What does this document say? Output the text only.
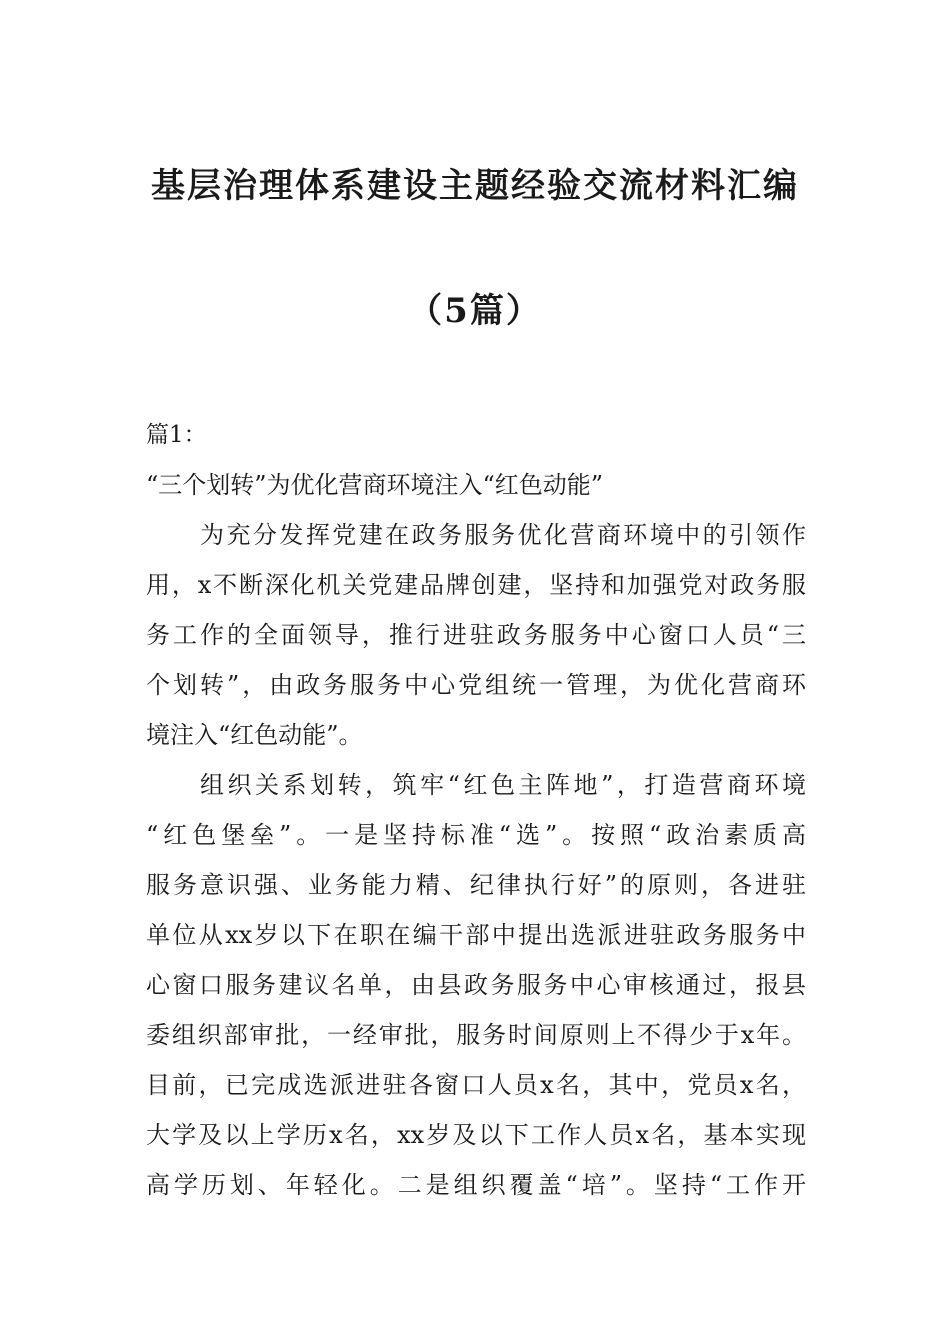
基层治理体系建设主题经验交流材料汇编
（5篇）

篇1：

“三个划转”为优化营商环境注入“红色动能”

为充分发挥党建在政务服务优化营商环境中的引领作

用，x不断深化机关党建品牌创建，坚持和加强党对政务服

务工作的全面领导，推行进驻政务服务中心窗口人员“三

个划转”，由政务服务中心党组统一管理，为优化营商环

境注入“红色动能”。

组织关系划转，筑牢“红色主阵地”，打造营商环境

“红色堡垒”。一是坚持标准“选”。按照“政治素质高

服务意识强、业务能力精、纪律执行好”的原则，各进驻

单位从xx岁以下在职在编干部中提出选派进驻政务服务中

心窗口服务建议名单，由县政务服务中心审核通过，报县

委组织部审批，一经审批，服务时间原则上不得少于x年。

目前，已完成选派进驻各窗口人员x名，其中，党员x名，

大学及以上学历x名，xx岁及以下工作人员x名，基本实现

高学历划、年轻化。二是组织覆盖“培”。坚持“工作开
